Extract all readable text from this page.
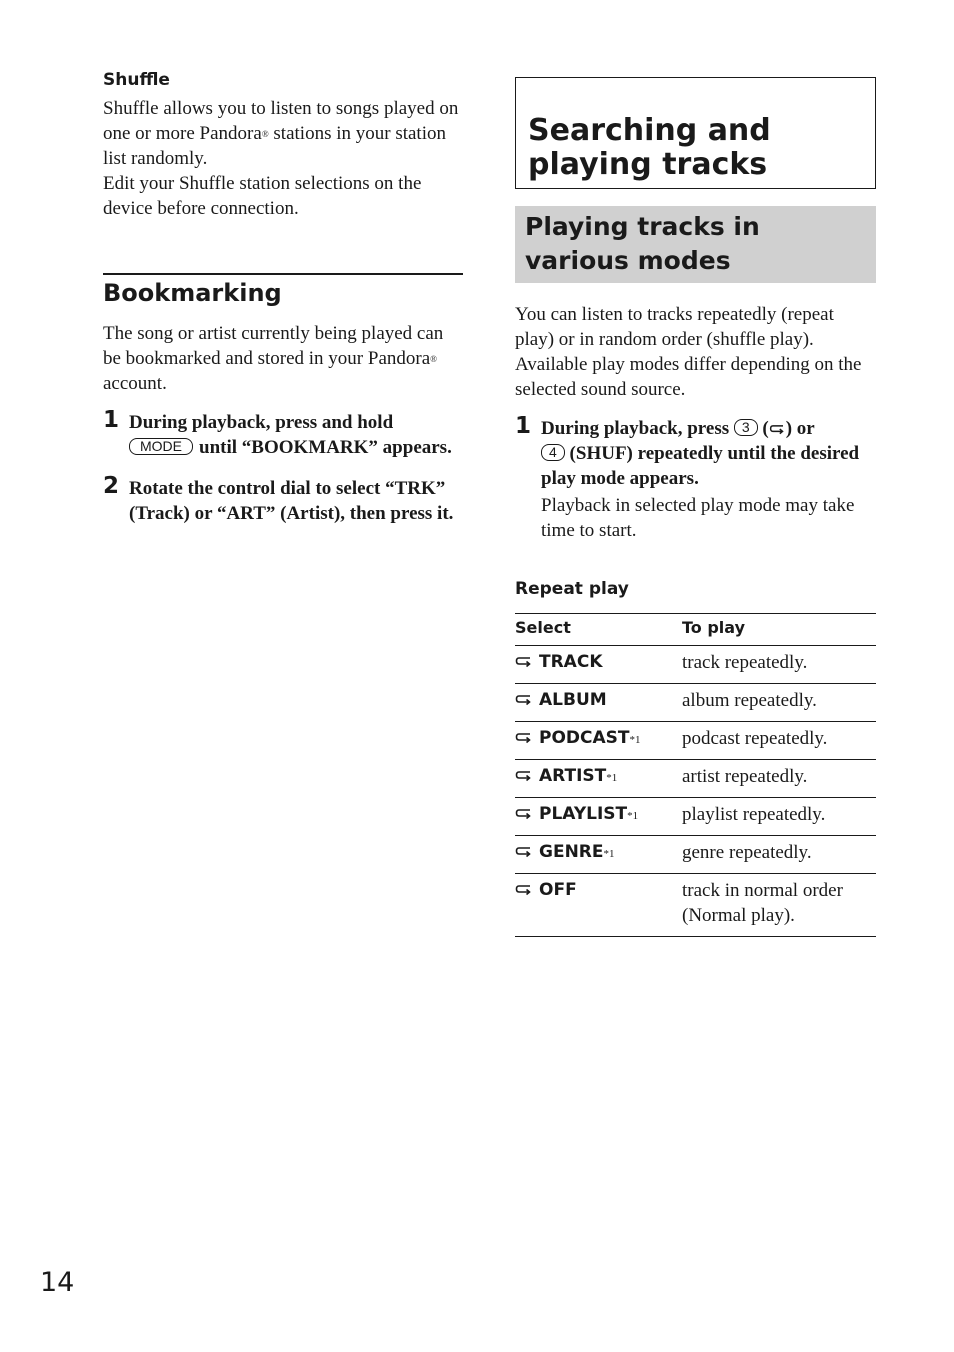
Shuffle

Shuffle allows you to listen to songs played on one or more Pandora® stations in your station list randomly.

Edit your Shuffle station selections on the device before connection.

Bookmarking

The song or artist currently being played can be bookmarked and stored in your Pandora® account.

1 During playback, press and hold
MODE until “BOOKMARK” appears.
2 Rotate the control dial to select “TRK” (Track) or “ART” (Artist), then press it.
Searching and playing tracks
Playing tracks in various modes

You can listen to tracks repeatedly (repeat play) or in random order (shuffle play). Available play modes differ depending on the selected sound source.

1 During playback, press 3 ( ) or
4 (SHUF) repeatedly until the desired play mode appears.
Playback in selected play mode may take time to start.
Repeat play
Select	To play
TRACK	track repeatedly.
ALBUM	album repeatedly.
PODCAST$^{*1}$	podcast repeatedly.
ARTIST$^{*1}$	artist repeatedly.
PLAYLIST$^{*1}$	playlist repeatedly.
GENRE$^{*1}$	genre repeatedly.
OFF	track in normal order (Normal play).
14
